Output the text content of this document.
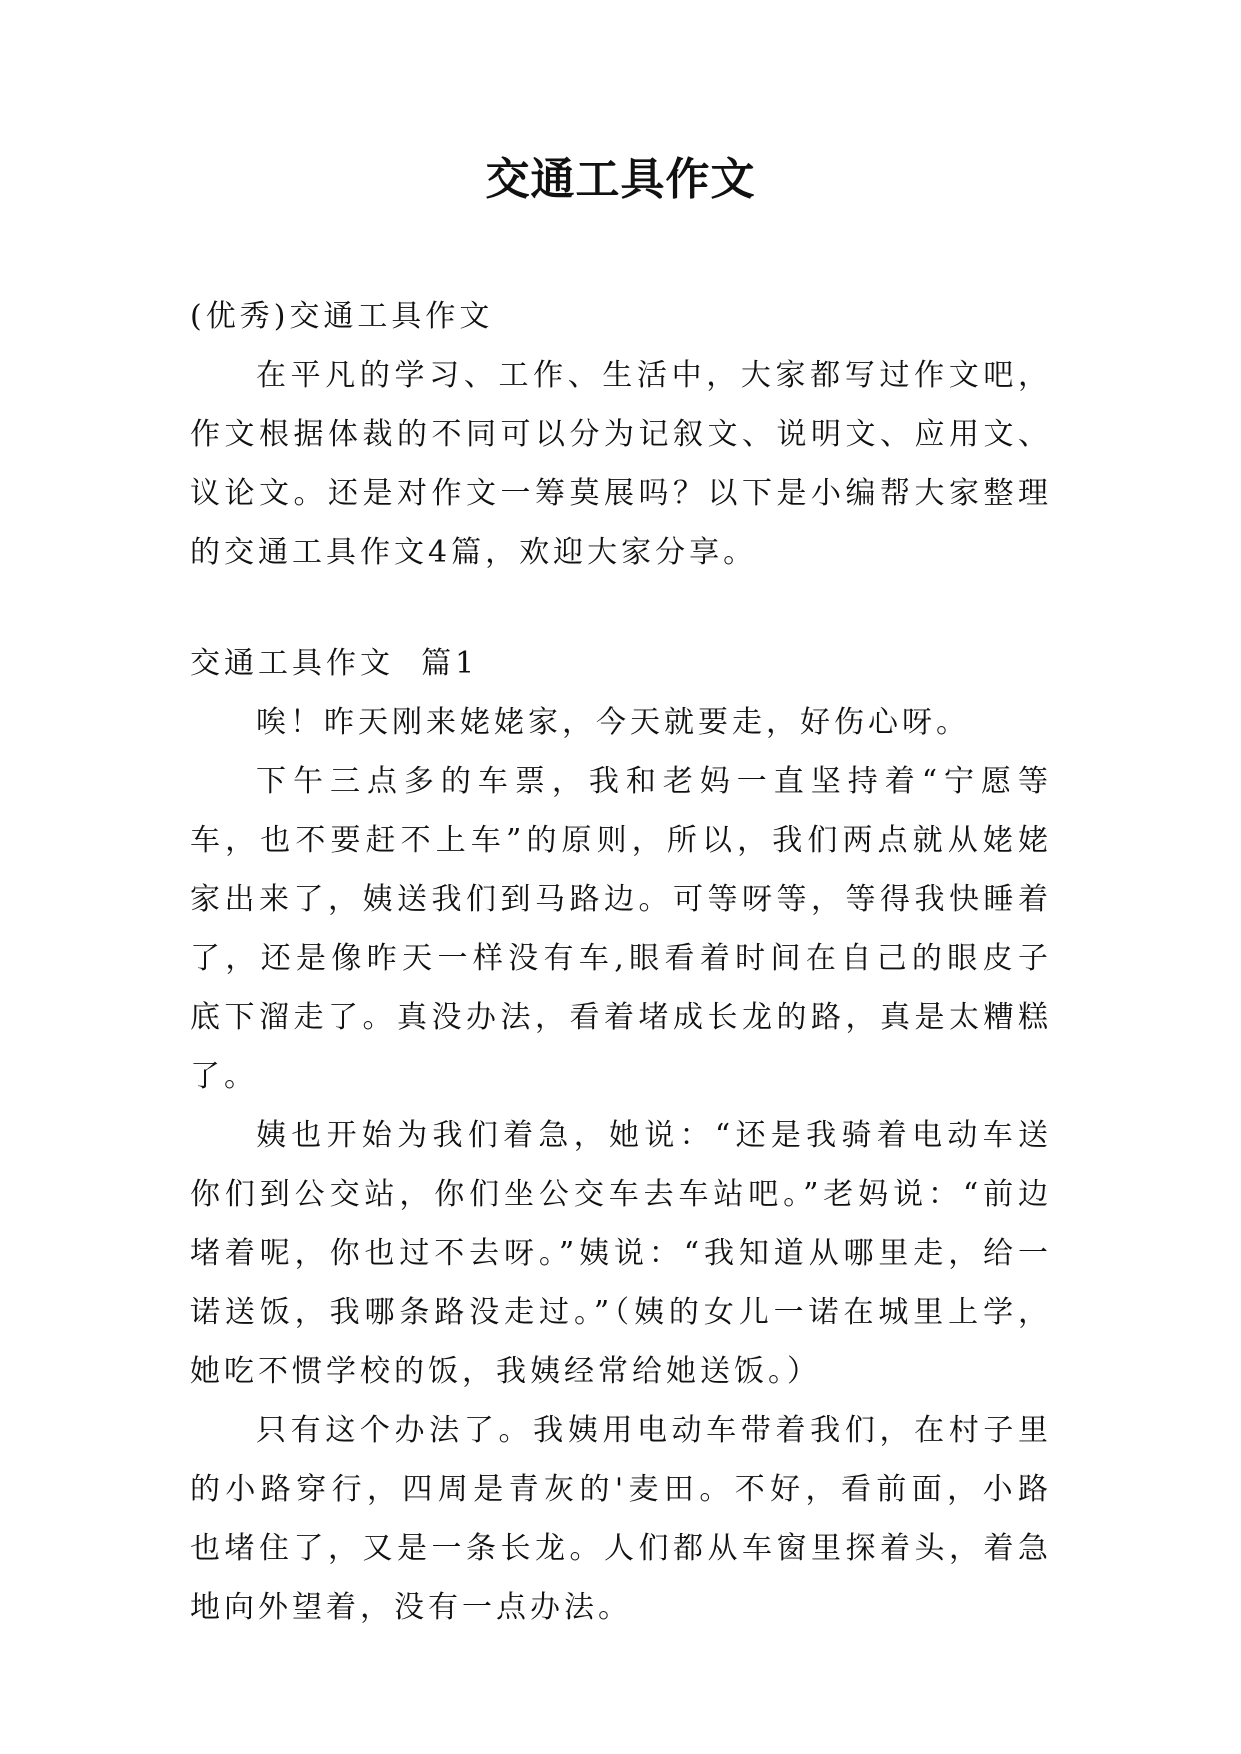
交通工具作文

(优秀)交通工具作文

在平凡的学习、工作、生活中，大家都写过作文吧，作文根据体裁的不同可以分为记叙文、说明文、应用文、议论文。还是对作文一筹莫展吗？以下是小编帮大家整理的交通工具作文4篇，欢迎大家分享。

交通工具作文  篇1

唉！昨天刚来姥姥家，今天就要走，好伤心呀。

下午三点多的车票，我和老妈一直坚持着“宁愿等车，也不要赶不上车”的原则，所以，我们两点就从姥姥家出来了，姨送我们到马路边。可等呀等，等得我快睡着了，还是像昨天一样没有车,眼看着时间在自己的眼皮子底下溜走了。真没办法，看着堵成长龙的路，真是太糟糕了。

姨也开始为我们着急，她说：“还是我骑着电动车送你们到公交站，你们坐公交车去车站吧。”老妈说：“前边堵着呢，你也过不去呀。”姨说：“我知道从哪里走，给一诺送饭，我哪条路没走过。”（姨的女儿一诺在城里上学，她吃不惯学校的饭，我姨经常给她送饭。）

只有这个办法了。我姨用电动车带着我们，在村子里的小路穿行，四周是青灰的'麦田。不好，看前面，小路也堵住了，又是一条长龙。人们都从车窗里探着头，着急地向外望着，没有一点办法。
